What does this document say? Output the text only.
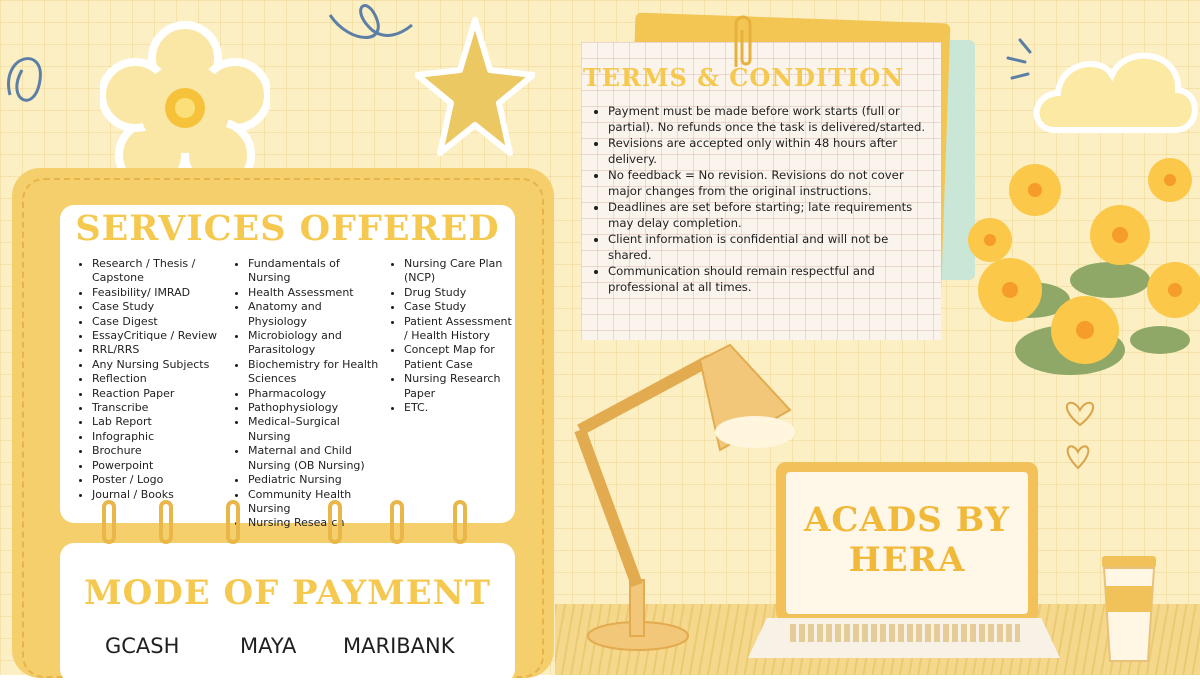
SERVICES OFFERED
• Research / Thesis / Capstone
• Feasibility/ IMRAD
• Case Study
• Case Digest
• EssayCritique / Review
• RRL/RRS
• Any Nursing Subjects
• Reflection
• Reaction Paper
• Transcribe
• Lab Report
• Infographic
• Brochure
• Powerpoint
• Poster / Logo
• Journal / Books
• Fundamentals of Nursing
• Health Assessment
• Anatomy and Physiology
• Microbiology and Parasitology
• Biochemistry for Health Sciences
• Pharmacology
• Pathophysiology
• Medical–Surgical Nursing
• Maternal and Child Nursing (OB Nursing)
• Pediatric Nursing
• Community Health Nursing
• Nursing Research
• Nursing Care Plan (NCP)
• Drug Study
• Case Study
• Patient Assessment / Health History
• Concept Map for Patient Case
• Nursing Research Paper
• ETC.
MODE OF PAYMENT
GCASH	MAYA MARIBANK
TERMS & CONDITION
• Payment must be made before work starts (full or partial). No refunds once the task is delivered/started.
• Revisions are accepted only within 48 hours after delivery.
• No feedback = No revision. Revisions do not cover major changes from the original instructions.
• Deadlines are set before starting; late requirements may delay completion.
• Client information is confidential and will not be shared.
• Communication should remain respectful and professional at all times.
ACADS BY HERA
